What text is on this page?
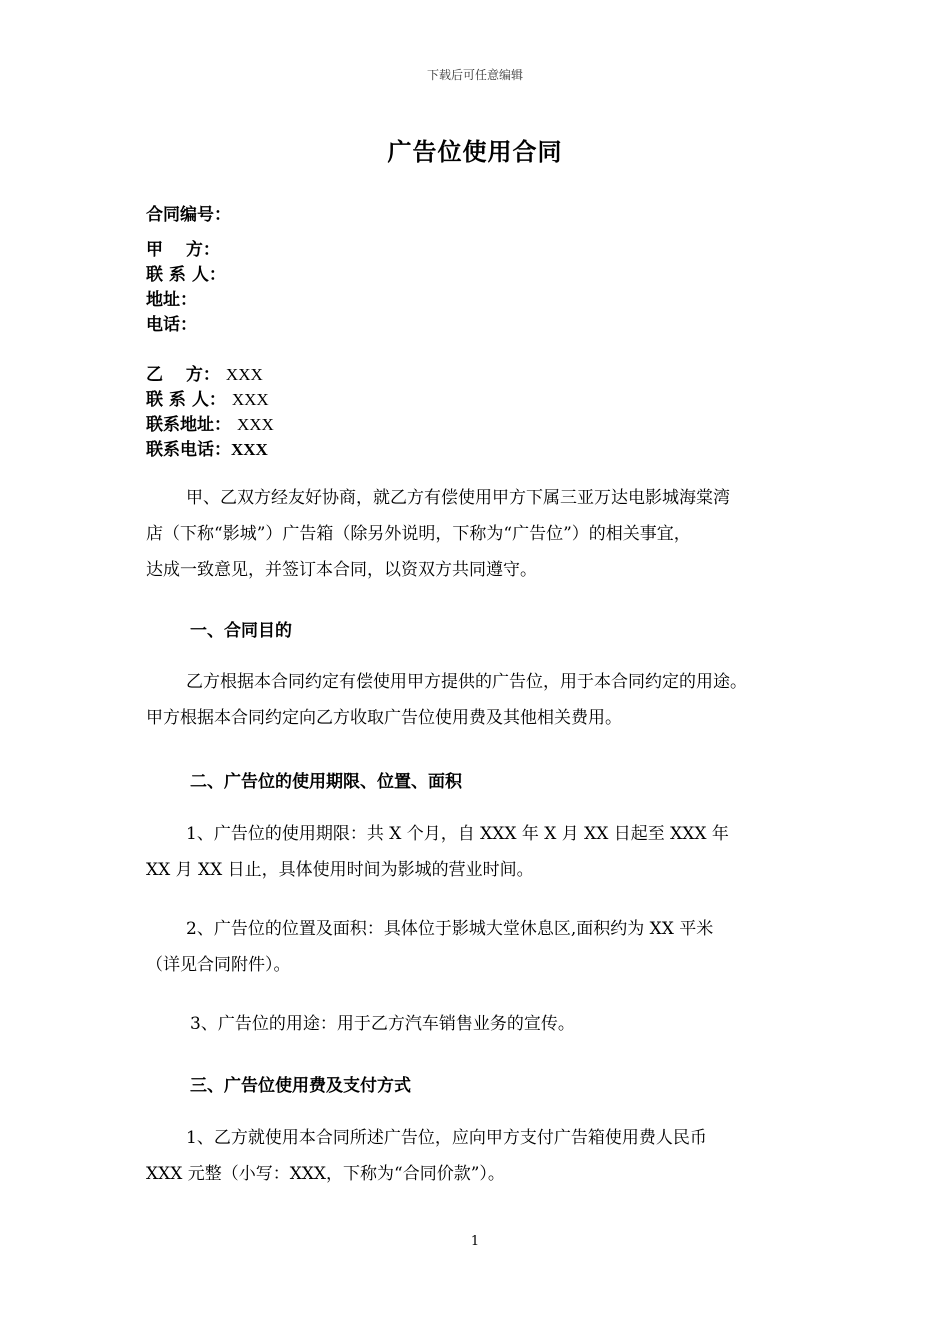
下载后可任意编辑
广告位使用合同
合同编号：
甲　 方：
联 系 人：
地址：
电话：
乙　 方： XXX
联 系 人： XXX
联系地址： XXX
联系电话：XXX
甲、乙双方经友好协商，就乙方有偿使用甲方下属三亚万达电影城海棠湾
店（下称“影城”）广告箱（除另外说明，下称为“广告位”）的相关事宜，
达成一致意见，并签订本合同，以资双方共同遵守。
一、合同目的
乙方根据本合同约定有偿使用甲方提供的广告位，用于本合同约定的用途。
甲方根据本合同约定向乙方收取广告位使用费及其他相关费用。
二、广告位的使用期限、位置、面积
1、广告位的使用期限：共 X 个月，自 XXX 年 X 月 XX 日起至 XXX 年
XX 月 XX 日止，具体使用时间为影城的营业时间。
2、广告位的位置及面积：具体位于影城大堂休息区,面积约为 XX 平米
（详见合同附件）。
3、广告位的用途：用于乙方汽车销售业务的宣传。
三、广告位使用费及支付方式
1、乙方就使用本合同所述广告位，应向甲方支付广告箱使用费人民币
XXX 元整（小写：XXX，下称为“合同价款”）。
1
